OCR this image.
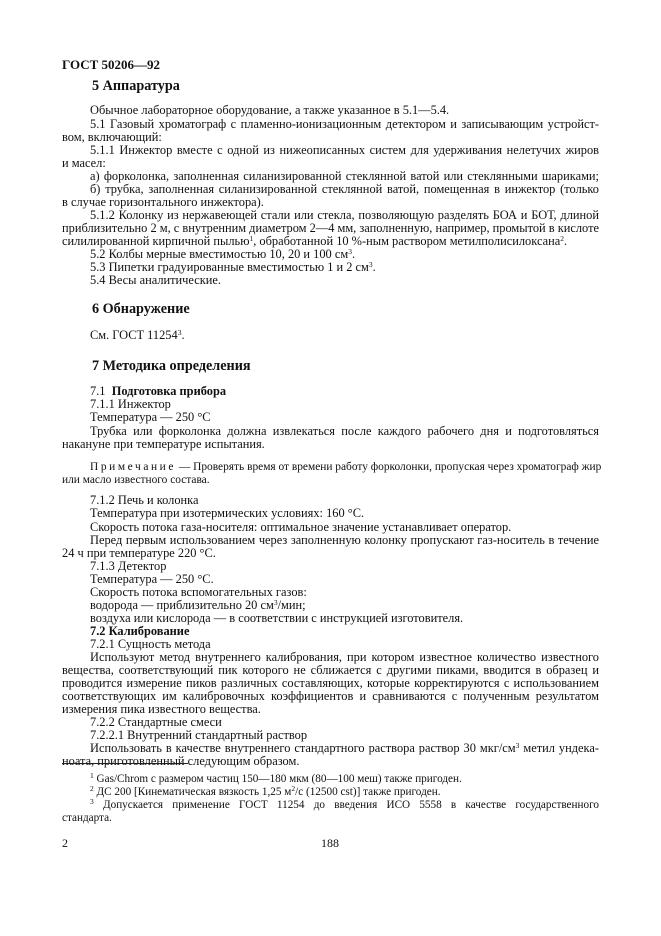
ГОСТ 50206—92
5 Аппаратура
Обычное лабораторное оборудование, а также указанное в 5.1—5.4.
5.1 Газовый хроматограф с пламенно-ионизационным детектором и записывающим устройст-
вом, включающий:
5.1.1 Инжектор вместе с одной из нижеописанных систем для удерживания нелетучих жиров
и масел:
а) форколонка, заполненная силанизированной стеклянной ватой или стеклянными шариками;
б) трубка, заполненная силанизированной стеклянной ватой, помещенная в инжектор (только
в случае горизонтального инжектора).
5.1.2 Колонку из нержавеющей стали или стекла, позволяющую разделять БОА и БОТ, длиной
приблизительно 2 м, с внутренним диаметром 2—4 мм, заполненную, например, промытой в кислоте
силилированной кирпичной пылью$^1$, обработанной 10 %-ным раствором метилполисилоксана$^2$.
5.2 Колбы мерные вместимостью 10, 20 и 100 $см^3$.
5.3 Пипетки градуированные вместимостью 1 и 2 $см^3$.
5.4 Весы аналитические.
6 Обнаружение
См. ГОСТ 11254$^3$.
7 Методика определения
7.1 Подготовка прибора
7.1.1 Инжектор
Температура — 250 °С
Трубка или форколонка должна извлекаться после каждого рабочего дня и подготовляться
накануне при температуре испытания.
Примечание — Проверять время от времени работу форколонки, пропуская через хроматограф жир
или масло известного состава.
7.1.2 Печь и колонка
Температура при изотермических условиях: 160 °С.
Скорость потока газа-носителя: оптимальное значение устанавливает оператор.
Перед первым использованием через заполненную колонку пропускают газ-носитель в течение
24 ч при температуре 220 °С.
7.1.3 Детектор
Температура — 250 °С.
Скорость потока вспомогательных газов:
водорода — приблизительно 20 $см^3$/мин;
воздуха или кислорода — в соответствии с инструкцией изготовителя.
7.2 Калибрование
7.2.1 Сущность метода
Используют метод внутреннего калибрования, при котором известное количество известного
вещества, соответствующий пик которого не сближается с другими пиками, вводится в образец и
проводится измерение пиков различных составляющих, которые корректируются с использованием
соответствующих им калибровочных коэффициентов и сравниваются с полученным результатом
измерения пика известного вещества.
7.2.2 Стандартные смеси
7.2.2.1 Внутренний стандартный раствор
Использовать в качестве внутреннего стандартного раствора раствор 30 мкг/$см^3$ метил ундека-
ноата, приготовленный следующим образом.
$^1$ Gas/Chrom с размером частиц 150—180 мкм (80—100 меш) также пригоден.
$^2$ ДС 200 [Кинематическая вязкость 1,25 $м^2/с$ (12500 cst)] также пригоден.
$^3$ Допускается применение ГОСТ 11254 до введения ИСО 5558 в качестве государственного
стандарта.
2	188
